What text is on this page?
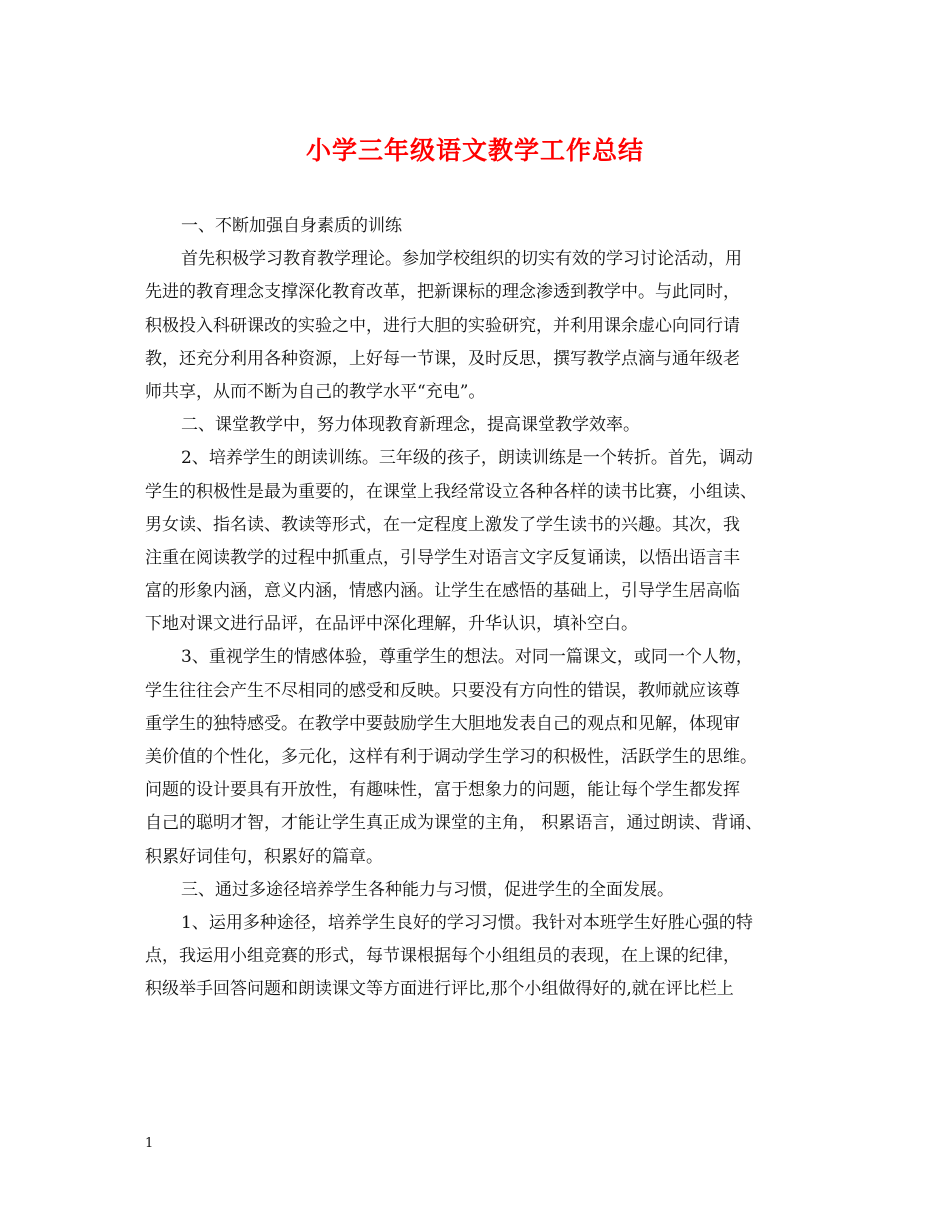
小学三年级语文教学工作总结
一、不断加强自身素质的训练
首先积极学习教育教学理论。参加学校组织的切实有效的学习讨论活动，用
先进的教育理念支撑深化教育改革，把新课标的理念渗透到教学中。与此同时，
积极投入科研课改的实验之中，进行大胆的实验研究，并利用课余虚心向同行请
教，还充分利用各种资源，上好每一节课，及时反思，撰写教学点滴与通年级老
师共享，从而不断为自己的教学水平“充电”。
二、课堂教学中，努力体现教育新理念，提高课堂教学效率。
2、培养学生的朗读训练。三年级的孩子，朗读训练是一个转折。首先，调动
学生的积极性是最为重要的，在课堂上我经常设立各种各样的读书比赛，小组读、
男女读、指名读、教读等形式，在一定程度上激发了学生读书的兴趣。其次，我
注重在阅读教学的过程中抓重点，引导学生对语言文字反复诵读，以悟出语言丰
富的形象内涵，意义内涵，情感内涵。让学生在感悟的基础上，引导学生居高临
下地对课文进行品评，在品评中深化理解，升华认识，填补空白。
3、重视学生的情感体验，尊重学生的想法。对同一篇课文，或同一个人物，
学生往往会产生不尽相同的感受和反映。只要没有方向性的错误，教师就应该尊
重学生的独特感受。在教学中要鼓励学生大胆地发表自己的观点和见解，体现审
美价值的个性化，多元化，这样有利于调动学生学习的积极性，活跃学生的思维。
问题的设计要具有开放性，有趣味性，富于想象力的问题，能让每个学生都发挥
自己的聪明才智，才能让学生真正成为课堂的主角， 积累语言，通过朗读、背诵、
积累好词佳句，积累好的篇章。
三、通过多途径培养学生各种能力与习惯，促进学生的全面发展。
1、运用多种途径，培养学生良好的学习习惯。我针对本班学生好胜心强的特
点，我运用小组竞赛的形式，每节课根据每个小组组员的表现，在上课的纪律，
积级举手回答问题和朗读课文等方面进行评比,那个小组做得好的,就在评比栏上
1
